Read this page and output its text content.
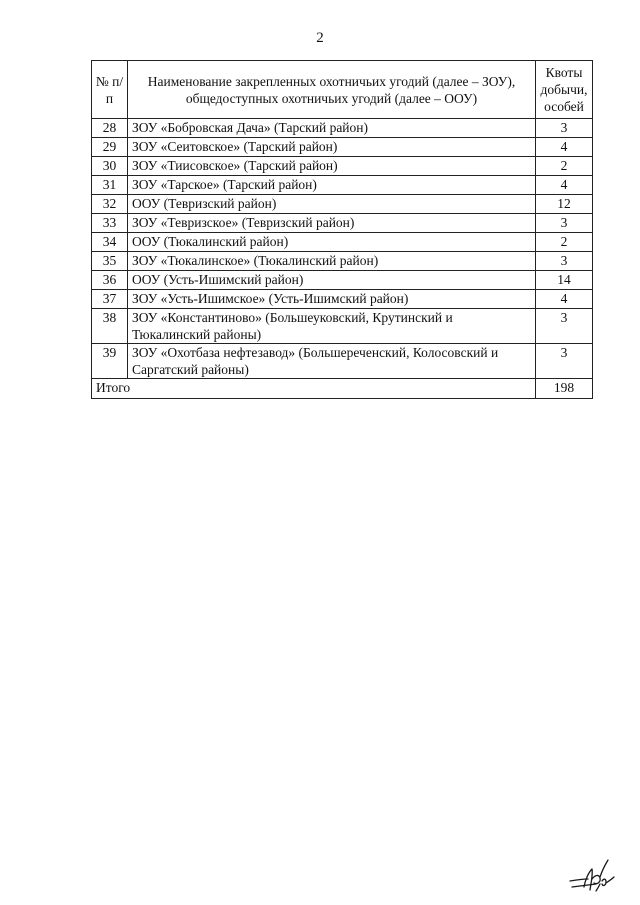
2
№ п/п	Наименование закрепленных охотничьих угодий (далее – ЗОУ), общедоступных охотничьих угодий (далее – ООУ)	Квоты добычи, особей
28	ЗОУ «Бобровская Дача» (Тарский район)	3
29	ЗОУ «Сеитовское» (Тарский район)	4
30	ЗОУ «Тиисовское» (Тарский район)	2
31	ЗОУ «Тарское» (Тарский район)	4
32	ООУ (Тевризский район)	12
33	ЗОУ «Тевризское» (Тевризский район)	3
34	ООУ (Тюкалинский район)	2
35	ЗОУ «Тюкалинское» (Тюкалинский район)	3
36	ООУ (Усть-Ишимский район)	14
37	ЗОУ «Усть-Ишимское» (Усть-Ишимский район)	4
38	ЗОУ «Константиново» (Большеуковский, Крутинский и Тюкалинский районы)	3
39	ЗОУ «Охотбаза нефтезавод» (Большереченский, Колосовский и Саргатский районы)	3
Итого		198
